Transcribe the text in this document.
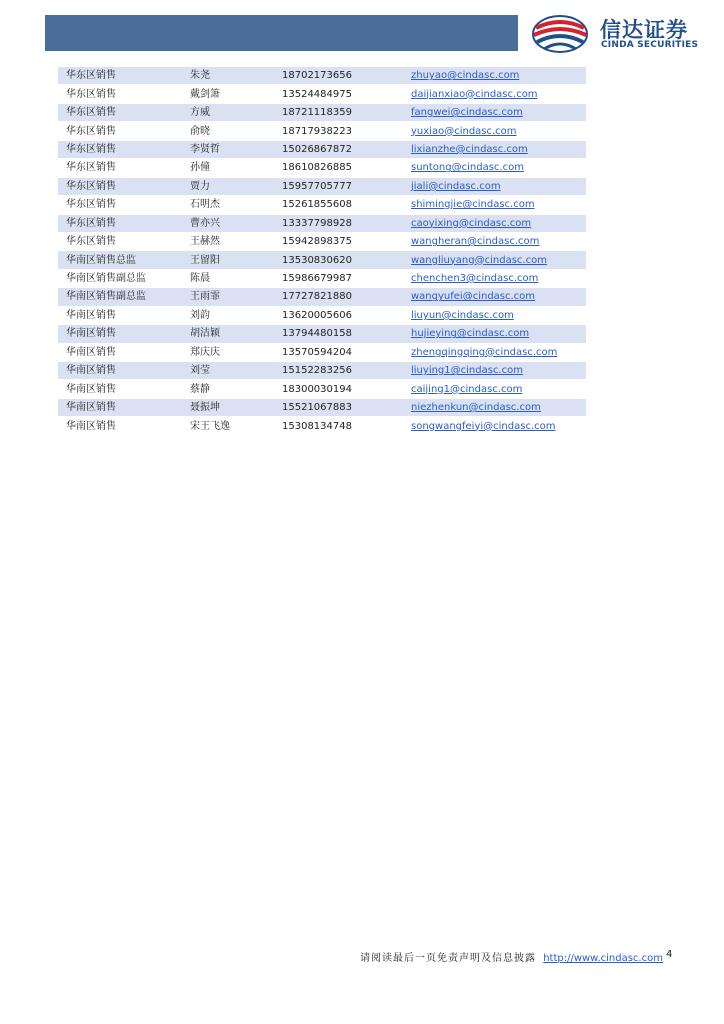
信达证券
CINDA SECURITIES
华东区销售	朱尧	18702173656	zhuyao@cindasc.com
华东区销售	戴剑箫	13524484975	daijianxiao@cindasc.com
华东区销售	方威	18721118359	fangwei@cindasc.com
华东区销售	俞晓	18717938223	yuxiao@cindasc.com
华东区销售	李贤哲	15026867872	lixianzhe@cindasc.com
华东区销售	孙僮	18610826885	suntong@cindasc.com
华东区销售	贾力	15957705777	jiali@cindasc.com
华东区销售	石明杰	15261855608	shimingjie@cindasc.com
华东区销售	曹亦兴	13337798928	caoyixing@cindasc.com
华东区销售	王赫然	15942898375	wangheran@cindasc.com
华南区销售总监	王留阳	13530830620	wangliuyang@cindasc.com
华南区销售副总监	陈晨	15986679987	chenchen3@cindasc.com
华南区销售副总监	王雨霏	17727821880	wangyufei@cindasc.com
华南区销售	刘韵	13620005606	liuyun@cindasc.com
华南区销售	胡洁颖	13794480158	hujieying@cindasc.com
华南区销售	郑庆庆	13570594204	zhengqingqing@cindasc.com
华南区销售	刘莹	15152283256	liuying1@cindasc.com
华南区销售	蔡静	18300030194	caijing1@cindasc.com
华南区销售	聂振坤	15521067883	niezhenkun@cindasc.com
华南区销售	宋王飞逸	15308134748	songwangfeiyi@cindasc.com
请阅读最后一页免责声明及信息披露 http://www.cindasc.com 4
